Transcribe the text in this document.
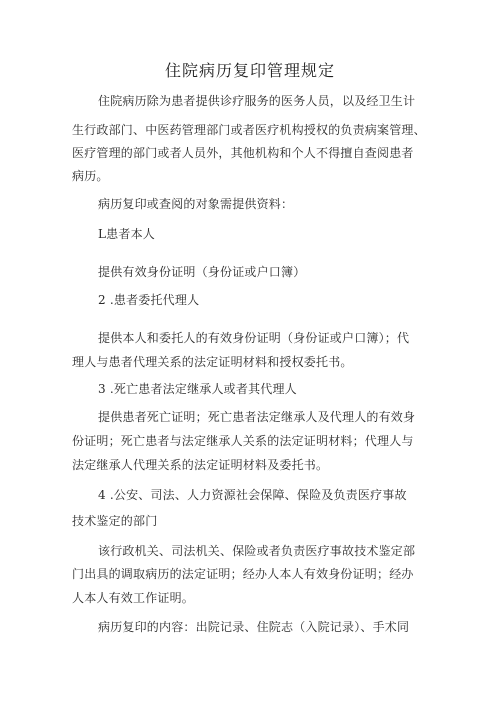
住院病历复印管理规定
住院病历除为患者提供诊疗服务的医务人员，以及经卫生计
生行政部门、中医药管理部门或者医疗机构授权的负责病案管理、
医疗管理的部门或者人员外，其他机构和个人不得擅自查阅患者
病历。
病历复印或查阅的对象需提供资料：
L患者本人
提供有效身份证明（身份证或户口簿）
2 .患者委托代理人
提供本人和委托人的有效身份证明（身份证或户口簿）；代
理人与患者代理关系的法定证明材料和授权委托书。
3 .死亡患者法定继承人或者其代理人
提供患者死亡证明；死亡患者法定继承人及代理人的有效身
份证明；死亡患者与法定继承人关系的法定证明材料；代理人与
法定继承人代理关系的法定证明材料及委托书。
4 .公安、司法、人力资源社会保障、保险及负责医疗事故
技术鉴定的部门
该行政机关、司法机关、保险或者负责医疗事故技术鉴定部
门出具的调取病历的法定证明；经办人本人有效身份证明；经办
人本人有效工作证明。
病历复印的内容：出院记录、住院志（入院记录）、手术同
